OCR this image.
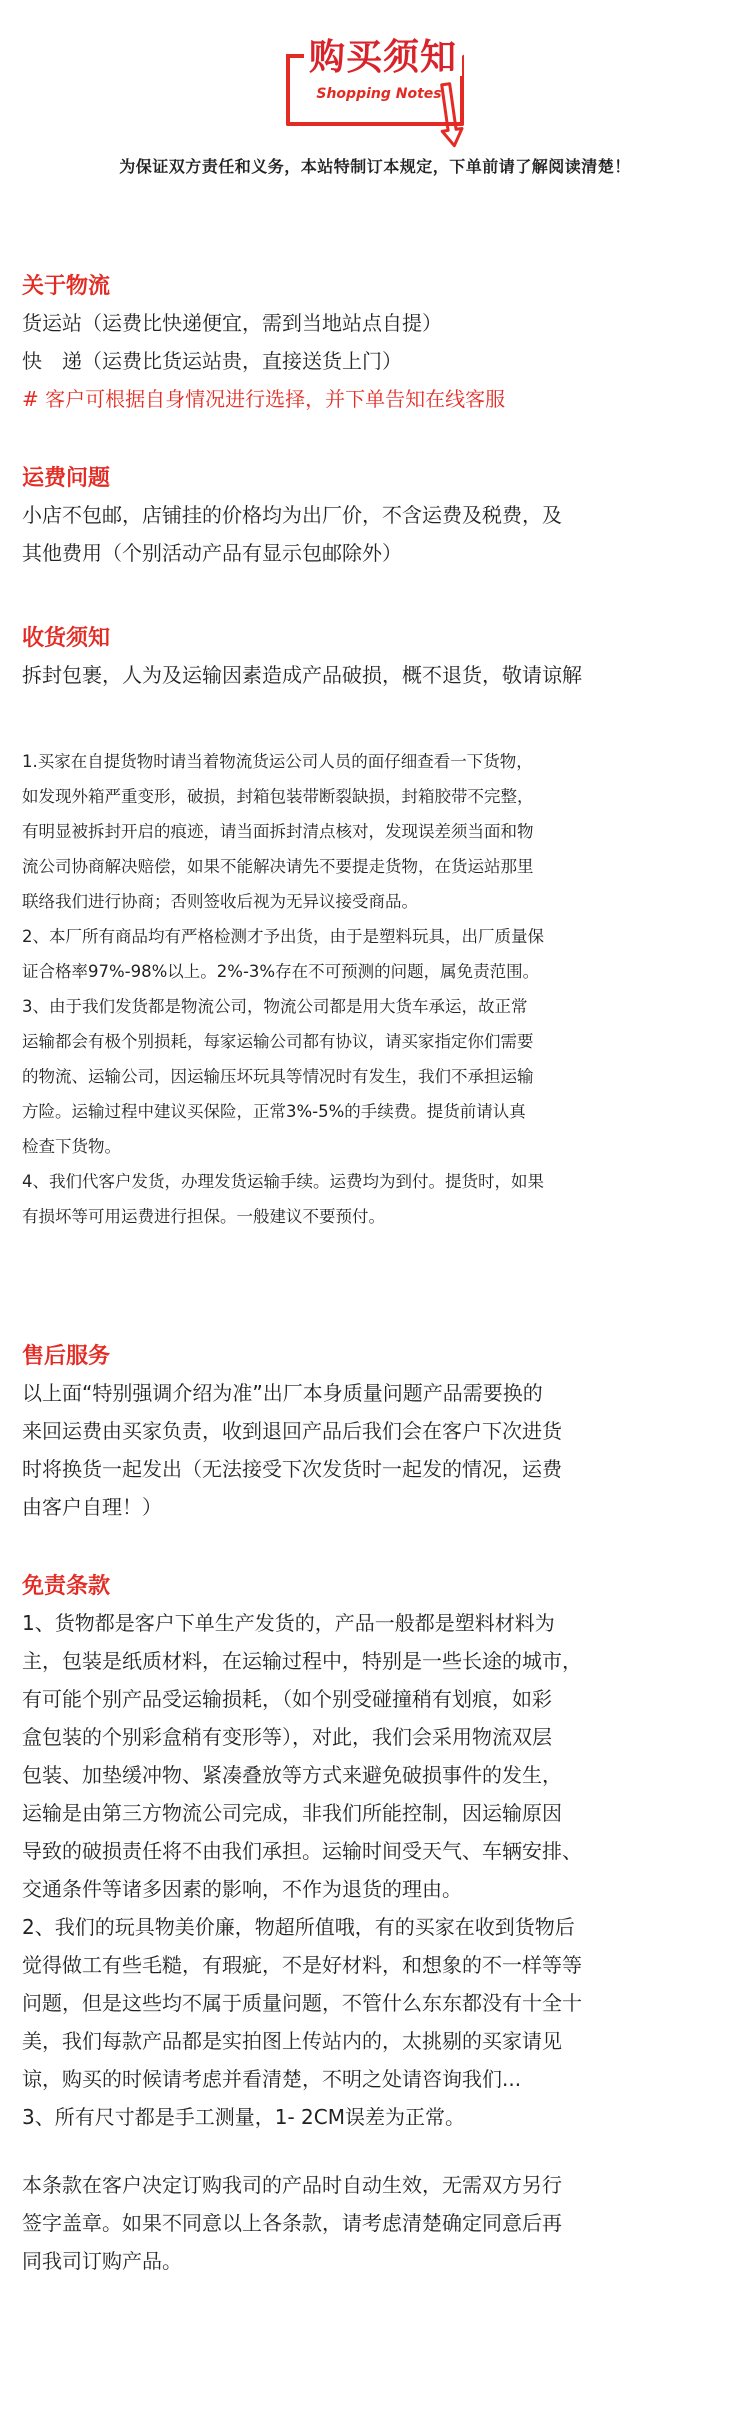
购买须知
Shopping Notes
为保证双方责任和义务，本站特制订本规定，下单前请了解阅读清楚！

关于物流

货运站（运费比快递便宜，需到当地站点自提）

快　递（运费比货运站贵，直接送货上门）

# 客户可根据自身情况进行选择，并下单告知在线客服

运费问题

小店不包邮，店铺挂的价格均为出厂价，不含运费及税费，及

其他费用（个别活动产品有显示包邮除外）

收货须知

拆封包裹，人为及运输因素造成产品破损，概不退货，敬请谅解

1.买家在自提货物时请当着物流货运公司人员的面仔细查看一下货物，

如发现外箱严重变形，破损，封箱包装带断裂缺损，封箱胶带不完整，

有明显被拆封开启的痕迹，请当面拆封清点核对，发现误差须当面和物

流公司协商解决赔偿，如果不能解决请先不要提走货物，在货运站那里

联络我们进行协商；否则签收后视为无异议接受商品。

2、本厂所有商品均有严格检测才予出货，由于是塑料玩具，出厂质量保

证合格率97%-98%以上。2%-3%存在不可预测的问题，属免责范围。

3、由于我们发货都是物流公司，物流公司都是用大货车承运，故正常

运输都会有极个别损耗，每家运输公司都有协议，请买家指定你们需要

的物流、运输公司，因运输压坏玩具等情况时有发生，我们不承担运输

方险。运输过程中建议买保险，正常3%-5%的手续费。提货前请认真

检查下货物。

4、我们代客户发货，办理发货运输手续。运费均为到付。提货时，如果

有损坏等可用运费进行担保。一般建议不要预付。

售后服务

以上面“特别强调介绍为准”出厂本身质量问题产品需要换的

来回运费由买家负责，收到退回产品后我们会在客户下次进货

时将换货一起发出（无法接受下次发货时一起发的情况，运费

由客户自理！）

免责条款

1、货物都是客户下单生产发货的，产品一般都是塑料材料为

主，包装是纸质材料，在运输过程中，特别是一些长途的城市，

有可能个别产品受运输损耗，（如个别受碰撞稍有划痕，如彩

盒包装的个别彩盒稍有变形等），对此，我们会采用物流双层

包装、加垫缓冲物、紧凑叠放等方式来避免破损事件的发生，

运输是由第三方物流公司完成，非我们所能控制，因运输原因

导致的破损责任将不由我们承担。运输时间受天气、车辆安排、

交通条件等诸多因素的影响，不作为退货的理由。

2、我们的玩具物美价廉，物超所值哦，有的买家在收到货物后

觉得做工有些毛糙，有瑕疵，不是好材料，和想象的不一样等等

问题，但是这些均不属于质量问题，不管什么东东都没有十全十

美，我们每款产品都是实拍图上传站内的，太挑剔的买家请见

谅，购买的时候请考虑并看清楚，不明之处请咨询我们...

3、所有尺寸都是手工测量，1- 2CM误差为正常。

本条款在客户决定订购我司的产品时自动生效，无需双方另行

签字盖章。如果不同意以上各条款，请考虑清楚确定同意后再

同我司订购产品。
